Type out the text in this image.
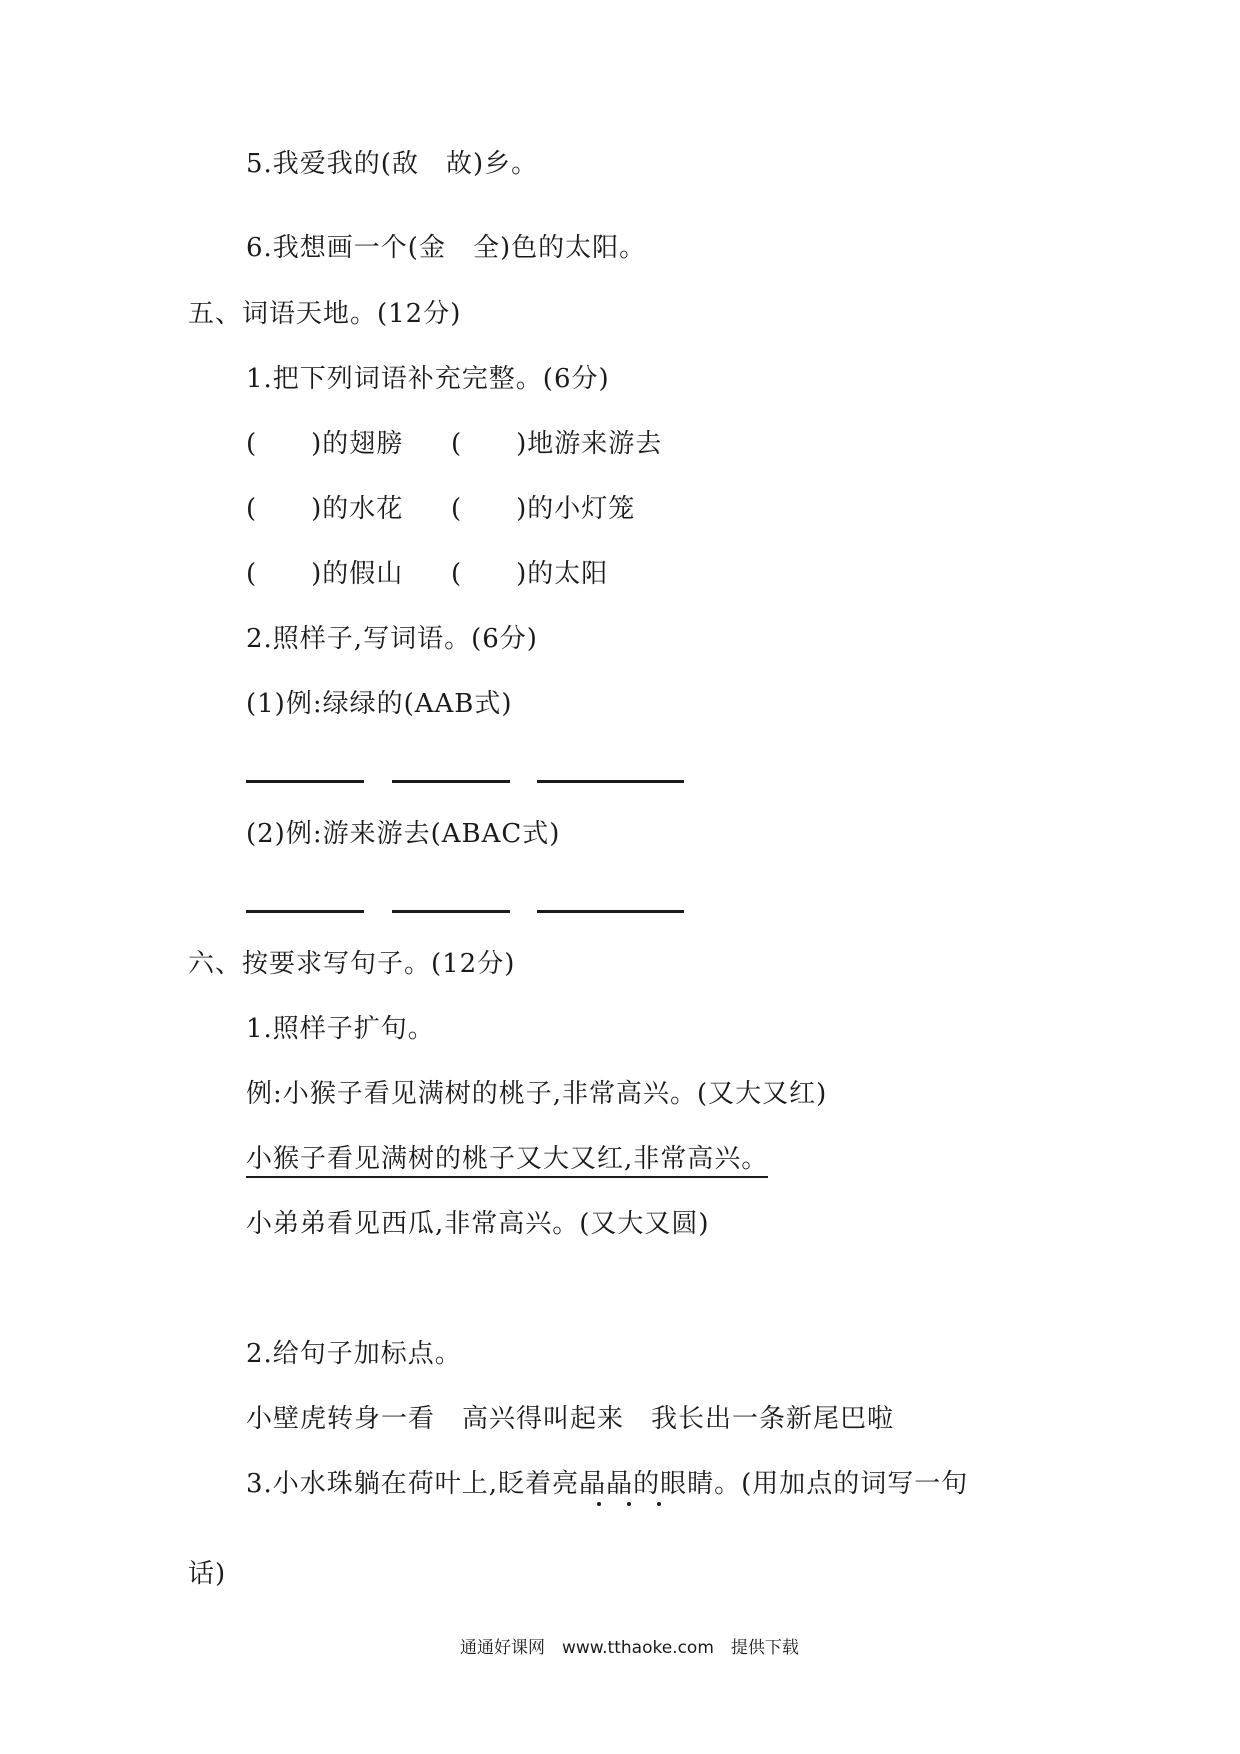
5.我爱我的(敌　故)乡。
6.我想画一个(金　全)色的太阳。
五、词语天地。(12分)
1.把下列词语补充完整。(6分)
(　　)的翅膀 (　　)地游来游去
(　　)的水花 (　　)的小灯笼
(　　)的假山 (　　)的太阳
2.照样子,写词语。(6分)
(1)例:绿绿的(AAB式)
(2)例:游来游去(ABAC式)
六、按要求写句子。(12分)
1.照样子扩句。
例:小猴子看见满树的桃子,非常高兴。(又大又红)
小猴子看见满树的桃子又大又红,非常高兴。
小弟弟看见西瓜,非常高兴。(又大又圆)
2.给句子加标点。
小壁虎转身一看　高兴得叫起来　我长出一条新尾巴啦
3.小水珠躺在荷叶上,眨着亮晶晶的眼睛。(用加点的词写一句
话)
通通好课网　www.tthaoke.com　提供下载
